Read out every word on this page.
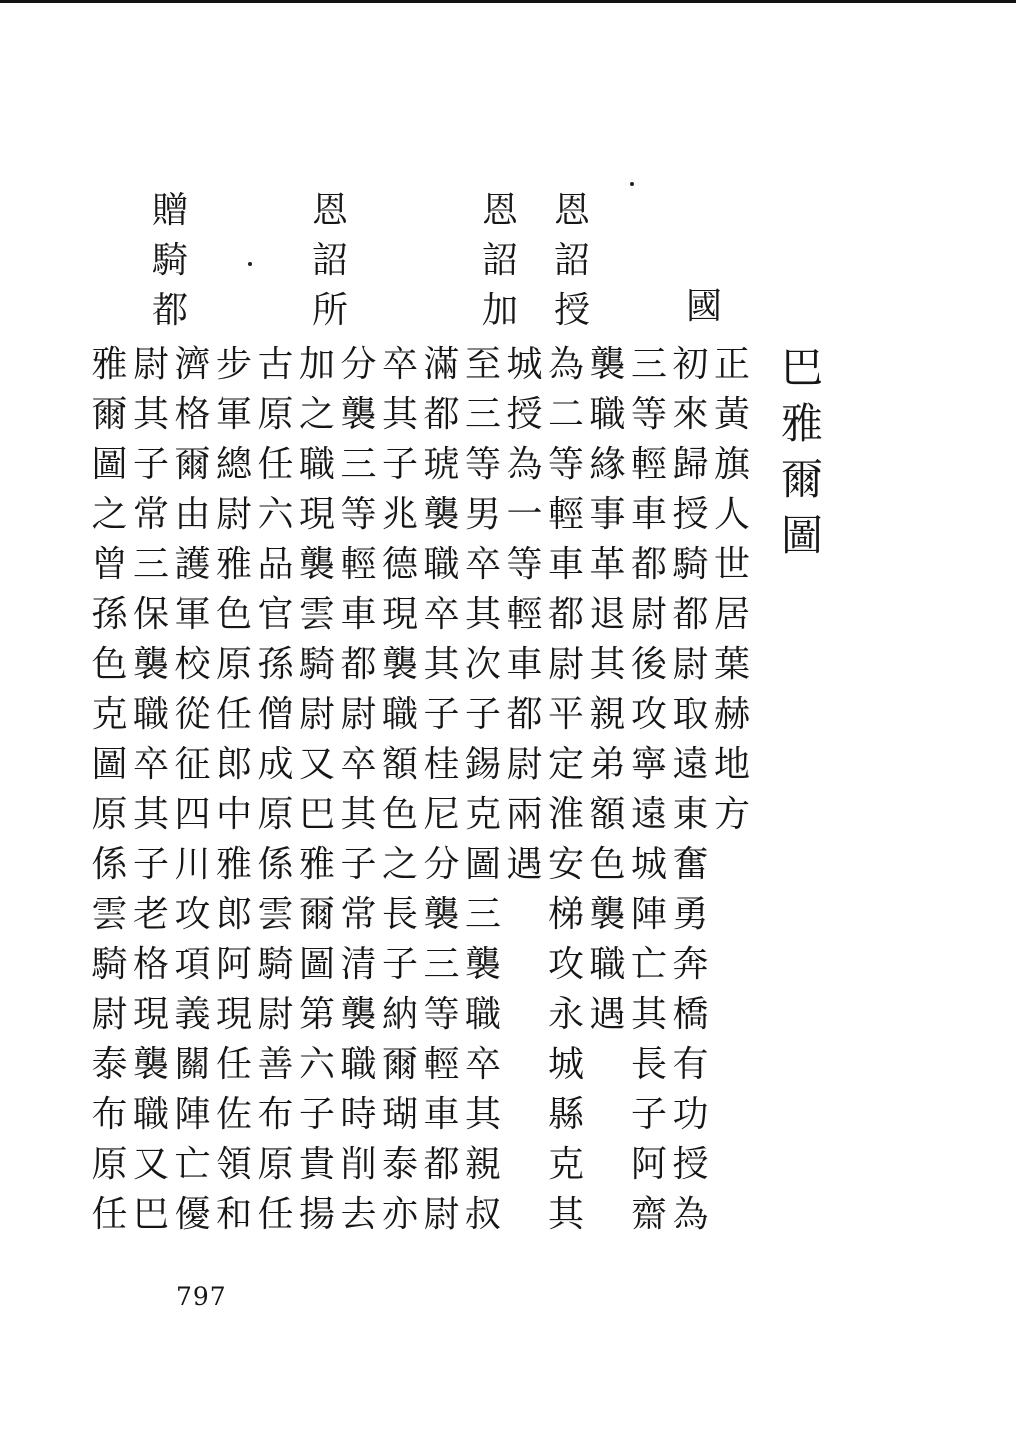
巴
雅
爾
圖
國
恩
詔
授
恩
詔
加
恩
詔
所
贈
騎
都
正
黃
旗
人
世
居
葉
赫
地
方
初
來
歸
授
騎
都
尉
取
遠
東
奮
勇
奔
橋
有
功
授
為
三
等
輕
車
都
尉
後
攻
寧
遠
城
陣
亡
其
長
子
阿
齋
襲
職
緣
事
革
退
其
親
弟
額
色
襲
職
遇
為
二
等
輕
車
都
尉
平
定
淮
安
梯
攻
永
城
縣
克
其
城
授
為
一
等
輕
車
都
尉
兩
遇
至
三
等
男
卒
其
次
子
錫
克
圖
三
襲
職
卒
其
親
叔
滿
都
琥
襲
職
卒
其
子
桂
尼
分
襲
三
等
輕
車
都
尉
卒
其
子
兆
德
現
襲
職
額
色
之
長
子
納
爾
瑚
泰
亦
分
襲
三
等
輕
車
都
尉
卒
其
子
常
清
襲
職
時
削
去
加
之
職
現
襲
雲
騎
尉
又
巴
雅
爾
圖
第
六
子
貴
揚
古
原
任
六
品
官
孫
僧
成
原
係
雲
騎
尉
善
布
原
任
步
軍
總
尉
雅
色
原
任
郎
中
雅
郎
阿
現
任
佐
領
和
濟
格
爾
由
護
軍
校
從
征
四
川
攻
項
義
關
陣
亡
優
尉
其
子
常
三
保
襲
職
卒
其
子
老
格
現
襲
職
又
巴
雅
爾
圖
之
曾
孫
色
克
圖
原
係
雲
騎
尉
泰
布
原
任
797
